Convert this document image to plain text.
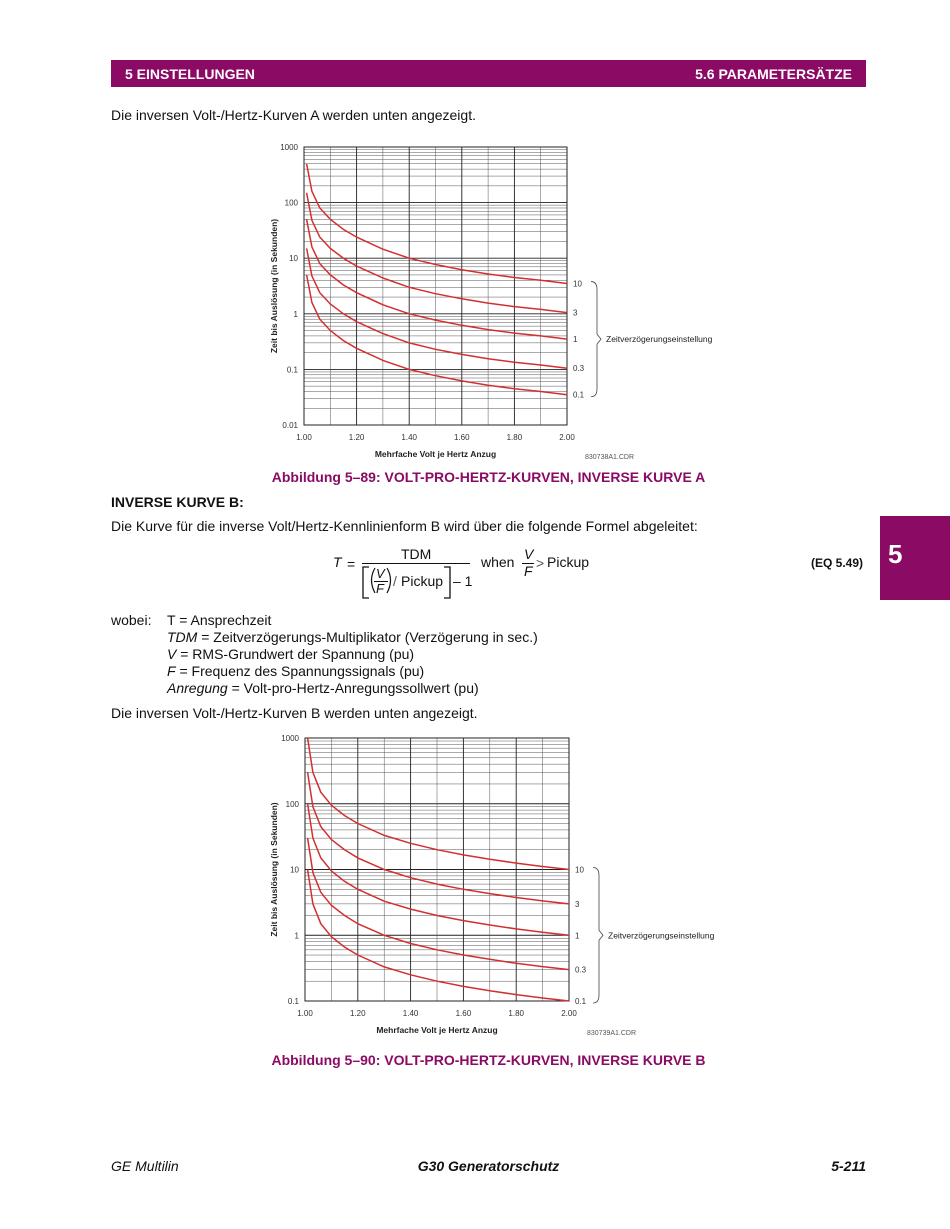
5 EINSTELLUNGEN	5.6 PARAMETERSÄTZE
5
Die inversen Volt-/Hertz-Kurven A werden unten angezeigt.
1000
100
10
1
0.1
0.01
1.00	1.20	1.40	1.60	1.80	2.00
10
3
1
0.3
0.1
Zeitverzögerungseinstellung
Mehrfache Volt je Hertz Anzug
Zeit bis Auslösung (in Sekunden)
830738A1.CDR
Abbildung 5–89: VOLT-PRO-HERTZ-KURVEN, INVERSE KURVE A
INVERSE KURVE B:
Die Kurve für die inverse Volt/Hertz-Kennlinienform B wird über die folgende Formel abgeleitet:
T =
TDM
V
F / Pickup – 1
when V
F > Pickup	(EQ 5.49)
wobei: T = Ansprechzeit
TDM = Zeitverzögerungs-Multiplikator (Verzögerung in sec.)
V = RMS-Grundwert der Spannung (pu)
F = Frequenz des Spannungssignals (pu)
Anregung = Volt-pro-Hertz-Anregungssollwert (pu)
Die inversen Volt-/Hertz-Kurven B werden unten angezeigt.
1000
100
10
1
0.1
1.00	1.20	1.40	1.60	1.80	2.00
10
3
1
0.3
0.1
Zeitverzögerungseinstellung
Mehrfache Volt je Hertz Anzug
Zeit bis Auslösung (in Sekunden)
830739A1.CDR
Abbildung 5–90: VOLT-PRO-HERTZ-KURVEN, INVERSE KURVE B
GE Multilin	G30 Generatorschutz	5-211
